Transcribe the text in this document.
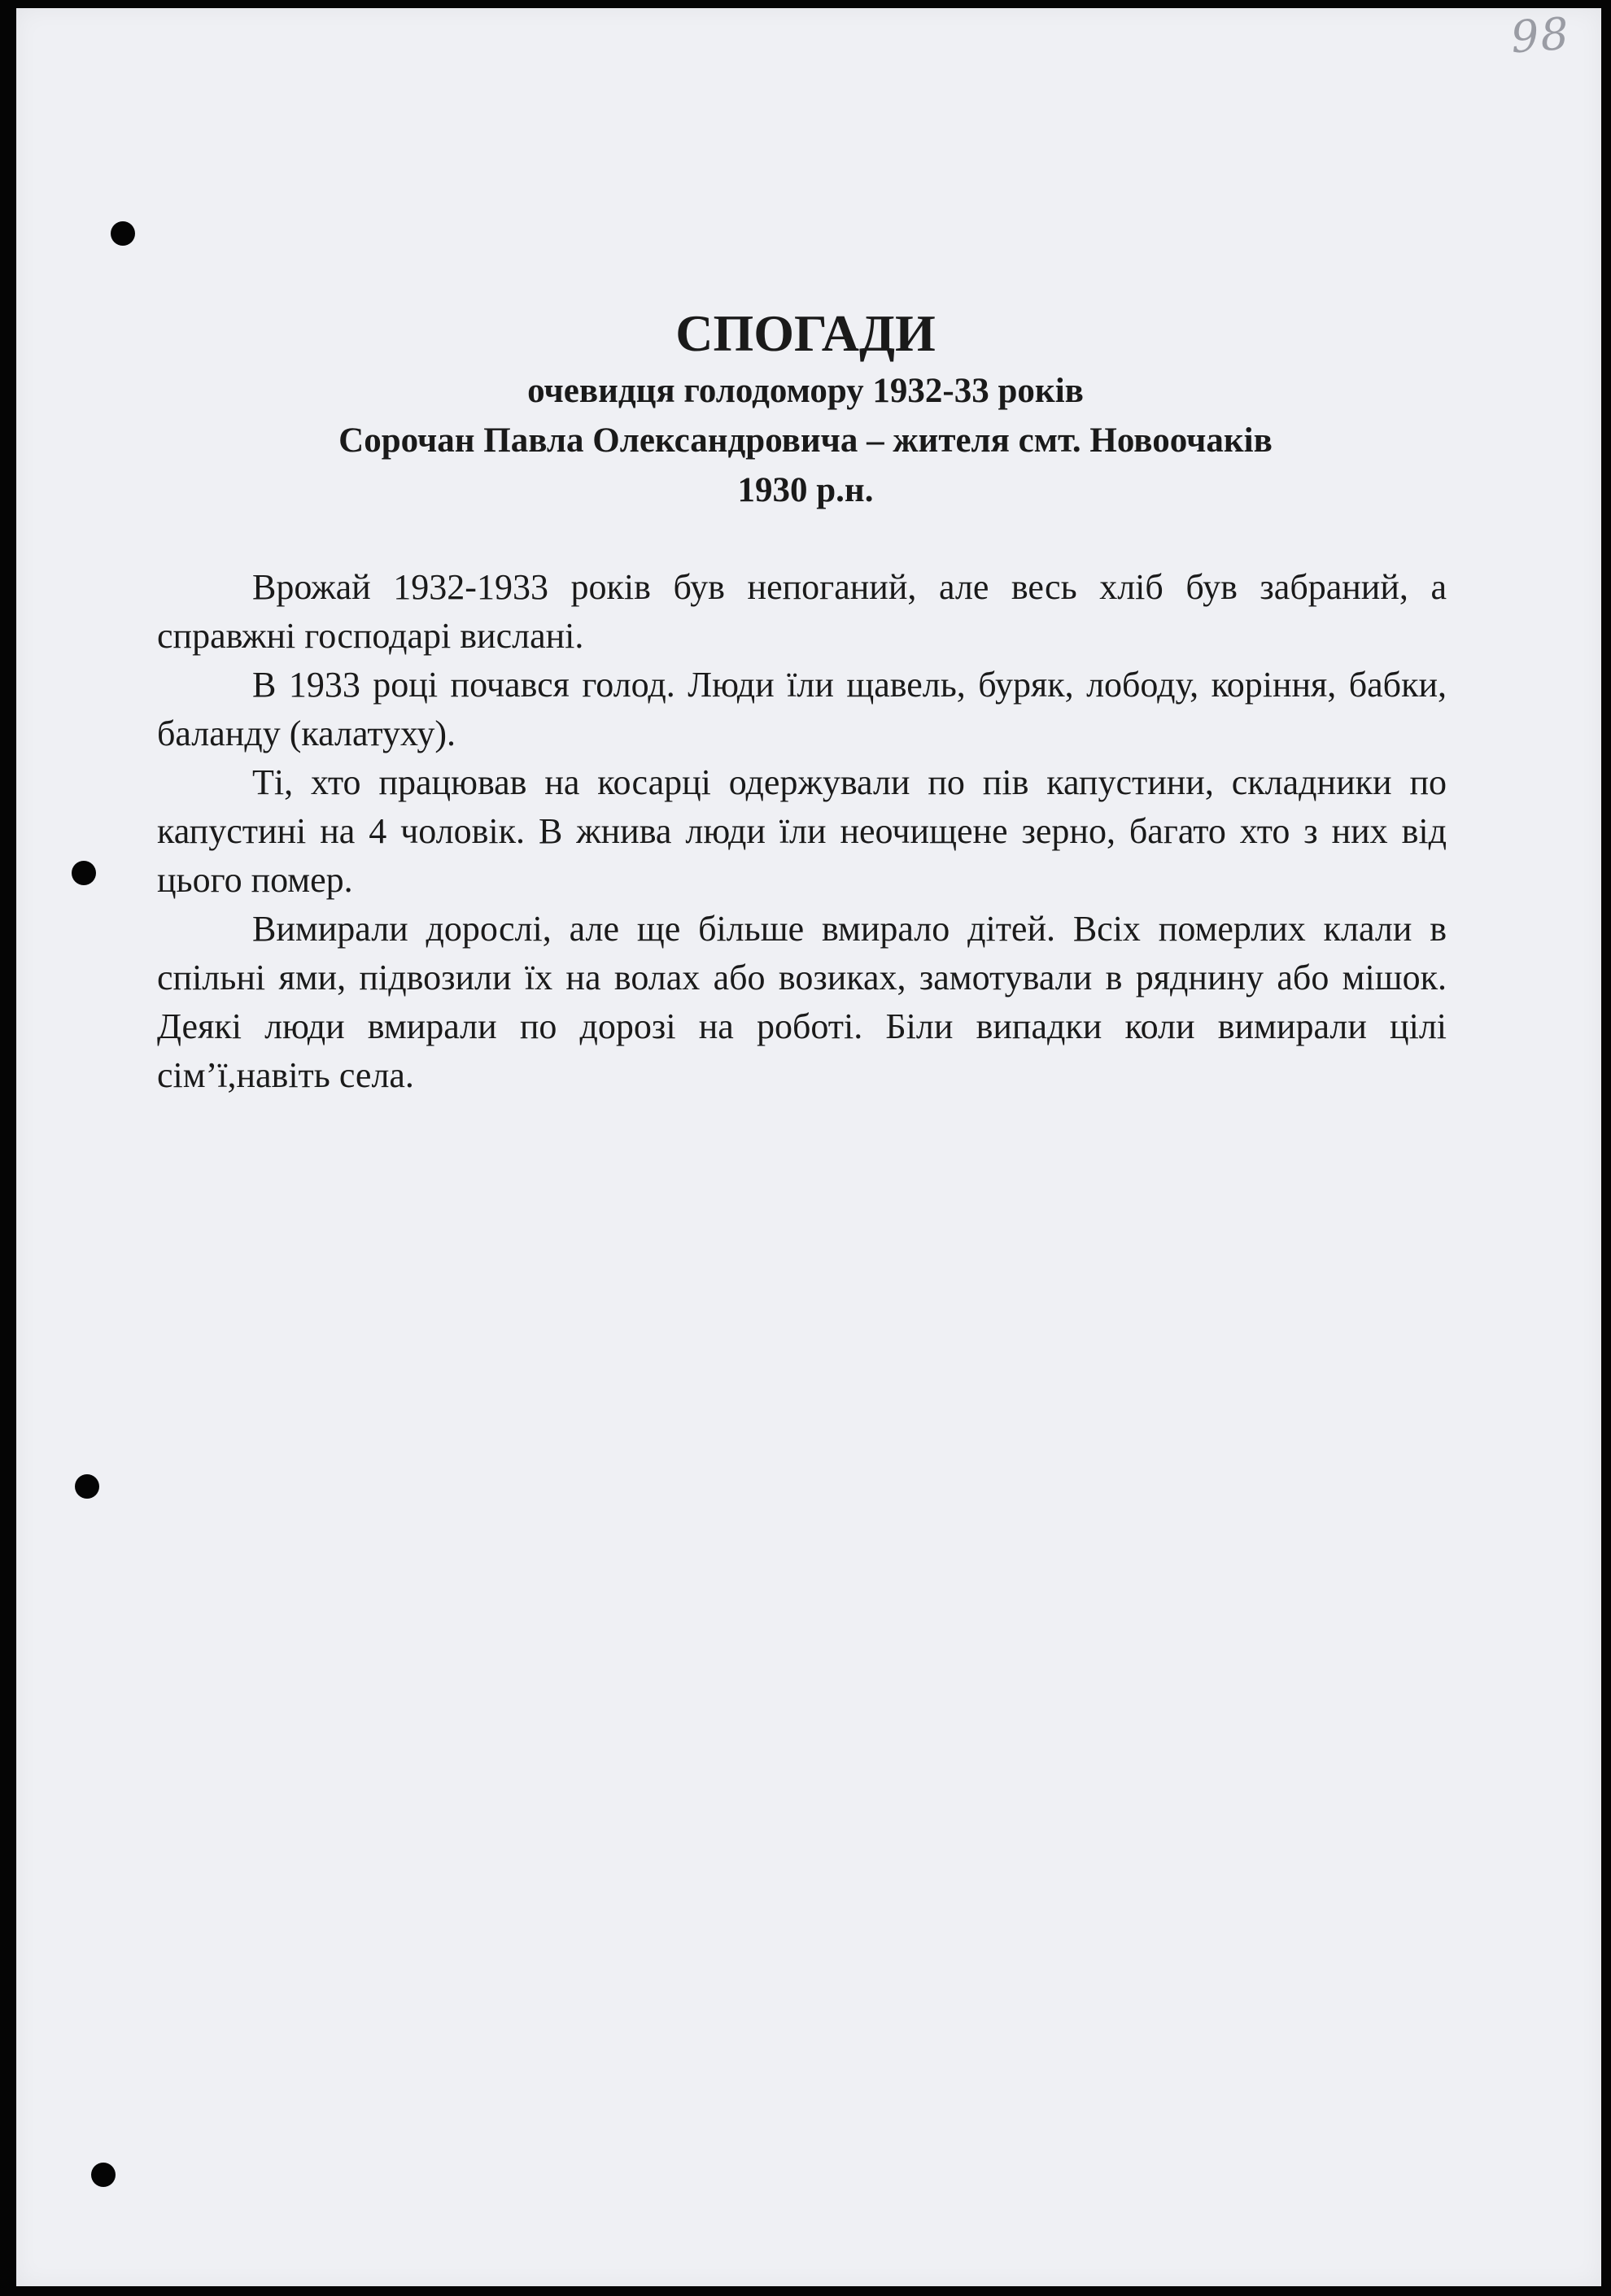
98
СПОГАДИ
очевидця голодомору 1932-33 років
Сорочан Павла Олександровича – жителя смт. Новоочаків
1930 р.н.

Врожай 1932-1933 років був непоганий, але весь хліб був забраний, а справжні господарі вислані.

В 1933 році почався голод. Люди їли щавель, буряк, лободу, коріння, бабки, баланду (калатуху).

Ті, хто працював на косарці одержували по пів капустини, складники по капустині на 4 чоловік. В жнива люди їли неочищене зерно, багато хто з них від цього помер.

Вимирали дорослі, але ще більше вмирало дітей. Всіх померлих клали в спільні ями, підвозили їх на волах або возиках, замотували в ряднину або мішок. Деякі люди вмирали по дорозі на роботі. Біли випадки коли вимирали цілі сім’ї,навіть села.
